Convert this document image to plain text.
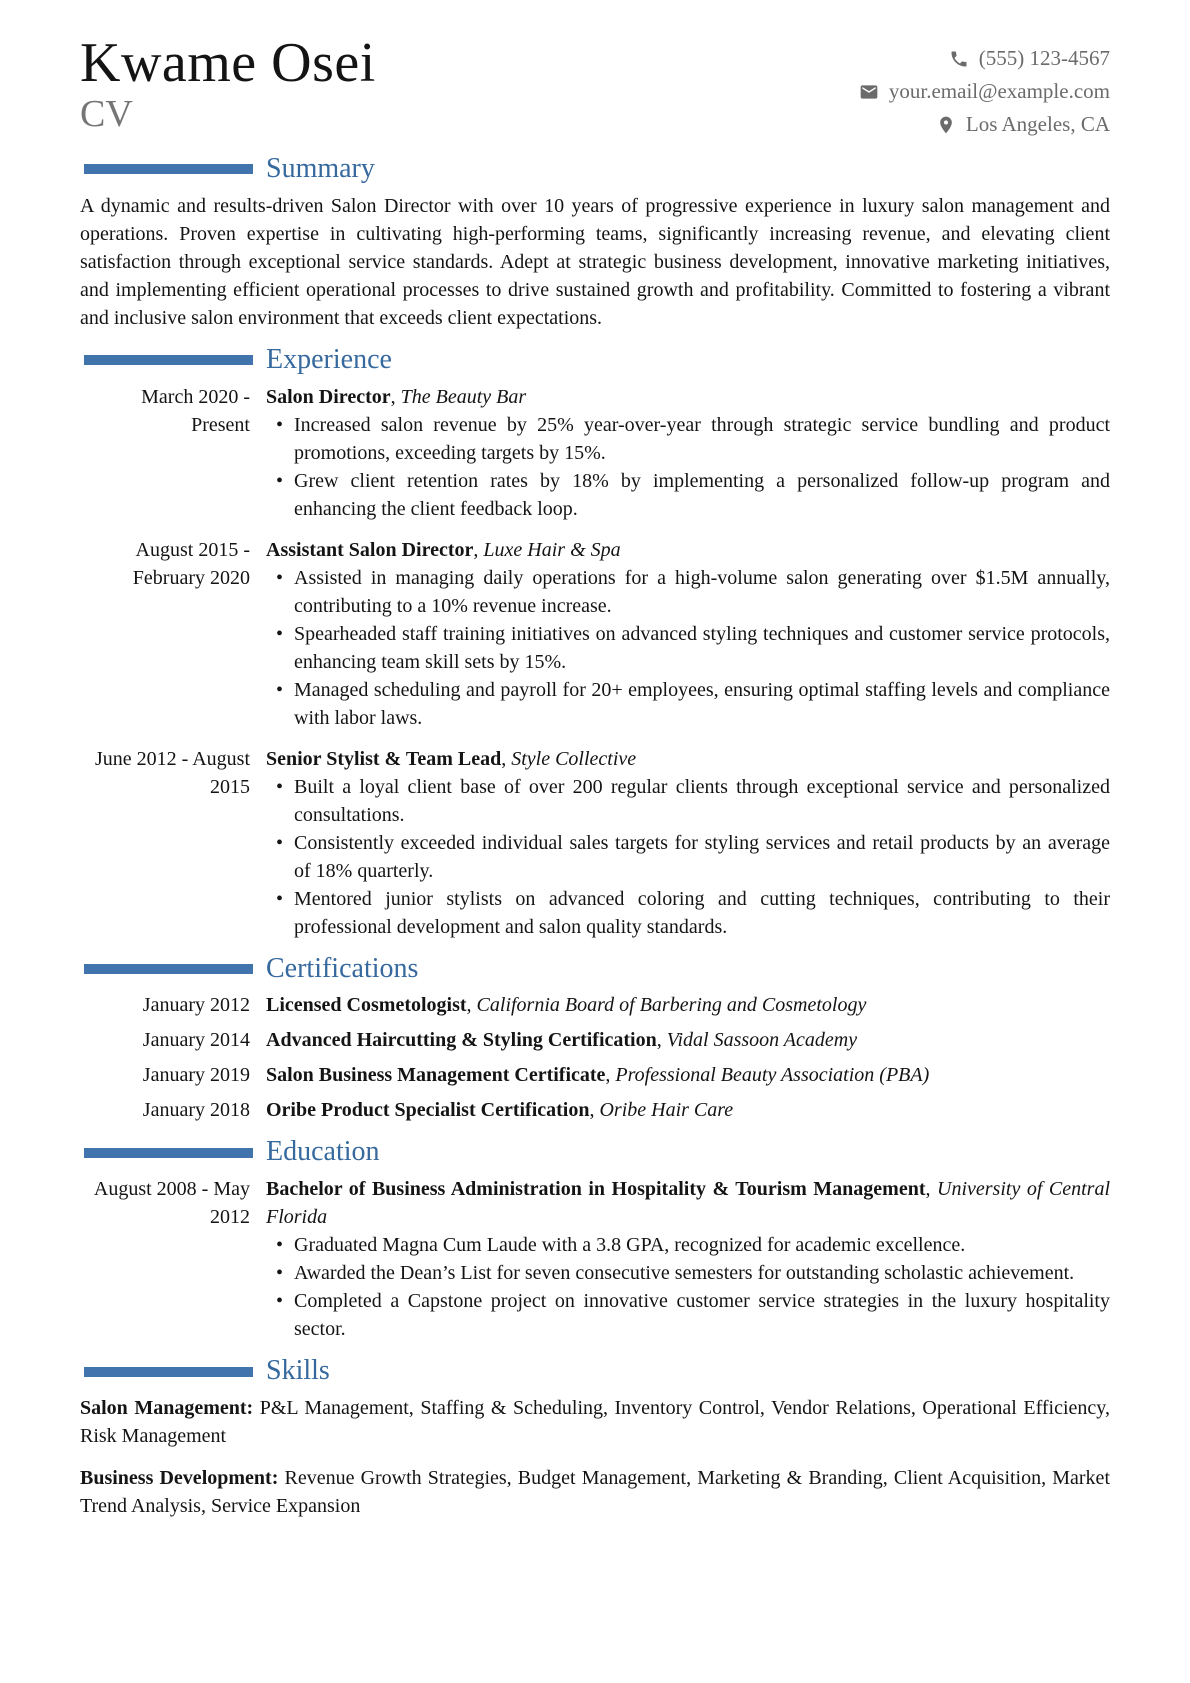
Kwame Osei
CV
(555) 123-4567
your.email@example.com
Los Angeles, CA
Summary

A dynamic and results-driven Salon Director with over 10 years of progressive experience in luxury salon management and operations. Proven expertise in cultivating high-performing teams, significantly increasing revenue, and elevating client satisfaction through exceptional service standards. Adept at strategic business development, innovative marketing initiatives, and implementing efficient operational processes to drive sustained growth and profitability. Committed to fostering a vibrant and inclusive salon environment that exceeds client expectations.

Experience
March 2020 - Present
Salon Director, The Beauty Bar
• Increased salon revenue by 25% year-over-year through strategic service bundling and product promotions, exceeding targets by 15%.
• Grew client retention rates by 18% by implementing a personalized follow-up program and enhancing the client feedback loop.
August 2015 - February 2020
Assistant Salon Director, Luxe Hair & Spa
• Assisted in managing daily operations for a high-volume salon generating over $1.5M annually, contributing to a 10% revenue increase.
• Spearheaded staff training initiatives on advanced styling techniques and customer service protocols, enhancing team skill sets by 15%.
• Managed scheduling and payroll for 20+ employees, ensuring optimal staffing levels and compliance with labor laws.
June 2012 - August 2015
Senior Stylist & Team Lead, Style Collective
• Built a loyal client base of over 200 regular clients through exceptional service and personalized consultations.
• Consistently exceeded individual sales targets for styling services and retail products by an average of 18% quarterly.
• Mentored junior stylists on advanced coloring and cutting techniques, contributing to their professional development and salon quality standards.
Certifications
January 2012 Licensed Cosmetologist, California Board of Barbering and Cosmetology
January 2014 Advanced Haircutting & Styling Certification, Vidal Sassoon Academy
January 2019 Salon Business Management Certificate, Professional Beauty Association (PBA)
January 2018 Oribe Product Specialist Certification, Oribe Hair Care
Education
August 2008 - May 2012
Bachelor of Business Administration in Hospitality & Tourism Management, University of Central Florida
• Graduated Magna Cum Laude with a 3.8 GPA, recognized for academic excellence.
• Awarded the Dean’s List for seven consecutive semesters for outstanding scholastic achievement.
• Completed a Capstone project on innovative customer service strategies in the luxury hospitality sector.
Skills

Salon Management: P&L Management, Staffing & Scheduling, Inventory Control, Vendor Relations, Operational Efficiency, Risk Management

Business Development: Revenue Growth Strategies, Budget Management, Marketing & Branding, Client Acquisition, Market Trend Analysis, Service Expansion
